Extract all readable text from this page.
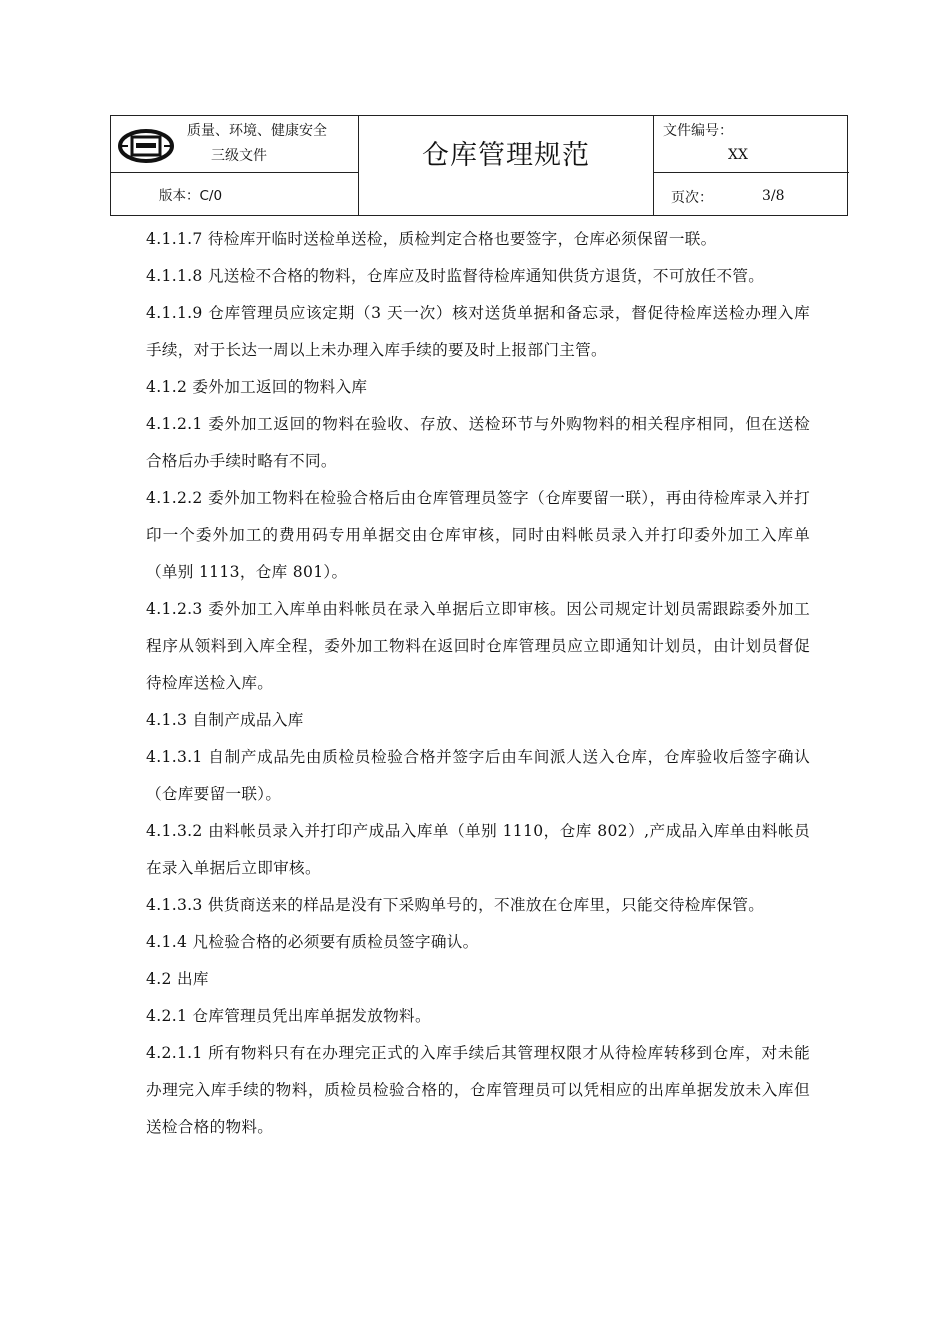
质量、环境、健康安全
三级文件
版本：C/0
仓库管理规范
文件编号：
XX
页次：	3/8

4.1.1.7 待检库开临时送检单送检，质检判定合格也要签字，仓库必须保留一联。

4.1.1.8 凡送检不合格的物料，仓库应及时监督待检库通知供货方退货，不可放任不管。

4.1.1.9 仓库管理员应该定期（3 天一次）核对送货单据和备忘录，督促待检库送检办理入库手续，对于长达一周以上未办理入库手续的要及时上报部门主管。

4.1.2 委外加工返回的物料入库

4.1.2.1 委外加工返回的物料在验收、存放、送检环节与外购物料的相关程序相同，但在送检合格后办手续时略有不同。

4.1.2.2 委外加工物料在检验合格后由仓库管理员签字（仓库要留一联），再由待检库录入并打印一个委外加工的费用码专用单据交由仓库审核，同时由料帐员录入并打印委外加工入库单（单别 1113，仓库 801）。

4.1.2.3 委外加工入库单由料帐员在录入单据后立即审核。因公司规定计划员需跟踪委外加工程序从领料到入库全程，委外加工物料在返回时仓库管理员应立即通知计划员，由计划员督促待检库送检入库。

4.1.3 自制产成品入库

4.1.3.1 自制产成品先由质检员检验合格并签字后由车间派人送入仓库，仓库验收后签字确认（仓库要留一联）。

4.1.3.2 由料帐员录入并打印产成品入库单（单别 1110，仓库 802）,产成品入库单由料帐员在录入单据后立即审核。

4.1.3.3 供货商送来的样品是没有下采购单号的，不准放在仓库里，只能交待检库保管。

4.1.4 凡检验合格的必须要有质检员签字确认。

4.2 出库

4.2.1 仓库管理员凭出库单据发放物料。

4.2.1.1 所有物料只有在办理完正式的入库手续后其管理权限才从待检库转移到仓库，对未能办理完入库手续的物料，质检员检验合格的，仓库管理员可以凭相应的出库单据发放未入库但送检合格的物料。
